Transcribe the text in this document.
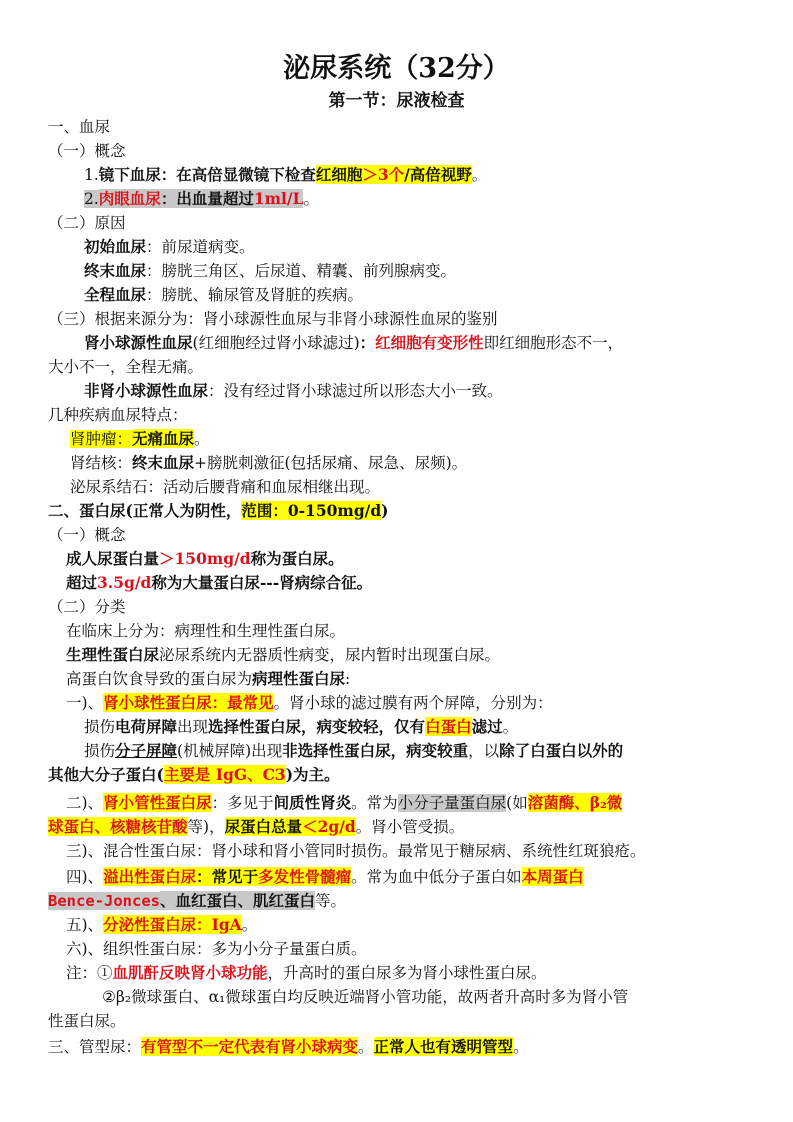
泌尿系统（32分）
第一节：尿液检查
一、血尿
（一）概念
1.镜下血尿：在高倍显微镜下检查红细胞＞3个/高倍视野。
2.肉眼血尿：出血量超过1ml/L。
（二）原因
初始血尿：前尿道病变。
终末血尿：膀胱三角区、后尿道、精囊、前列腺病变。
全程血尿：膀胱、输尿管及肾脏的疾病。
（三）根据来源分为：肾小球源性血尿与非肾小球源性血尿的鉴别
肾小球源性血尿(红细胞经过肾小球滤过)：红细胞有变形性即红细胞形态不一，
大小不一，全程无痛。
非肾小球源性血尿：没有经过肾小球滤过所以形态大小一致。
几种疾病血尿特点：
肾肿瘤：无痛血尿。
肾结核：终末血尿+膀胱刺激征(包括尿痛、尿急、尿频)。
泌尿系结石：活动后腰背痛和血尿相继出现。
二、蛋白尿(正常人为阴性，范围：0-150mg/d)
（一）概念
成人尿蛋白量＞150mg/d称为蛋白尿。
超过3.5g/d称为大量蛋白尿---肾病综合征。
（二）分类
在临床上分为：病理性和生理性蛋白尿。
生理性蛋白尿泌尿系统内无器质性病变，尿内暂时出现蛋白尿。
高蛋白饮食导致的蛋白尿为病理性蛋白尿:
一)、肾小球性蛋白尿：最常见。肾小球的滤过膜有两个屏障，分别为：
损伤电荷屏障出现选择性蛋白尿，病变较轻，仅有白蛋白滤过。
损伤分子屏障(机械屏障)出现非选择性蛋白尿，病变较重，以除了白蛋白以外的
其他大分子蛋白(主要是 IgG、C3)为主。
二)、肾小管性蛋白尿：多见于间质性肾炎。常为小分子量蛋白尿(如溶菌酶、β₂微
球蛋白、核糖核苷酸等)，尿蛋白总量＜2g/d。肾小管受损。
三)、混合性蛋白尿：肾小球和肾小管同时损伤。最常见于糖尿病、系统性红斑狼疮。
四)、溢出性蛋白尿：常见于多发性骨髓瘤。常为血中低分子蛋白如本周蛋白
Bence-Jonces、血红蛋白、肌红蛋白等。
五)、分泌性蛋白尿：IgA。
六)、组织性蛋白尿：多为小分子量蛋白质。
注：①血肌酐反映肾小球功能，升高时的蛋白尿多为肾小球性蛋白尿。
②β₂微球蛋白、α₁微球蛋白均反映近端肾小管功能，故两者升高时多为肾小管
性蛋白尿。
三、管型尿：有管型不一定代表有肾小球病变。正常人也有透明管型。
